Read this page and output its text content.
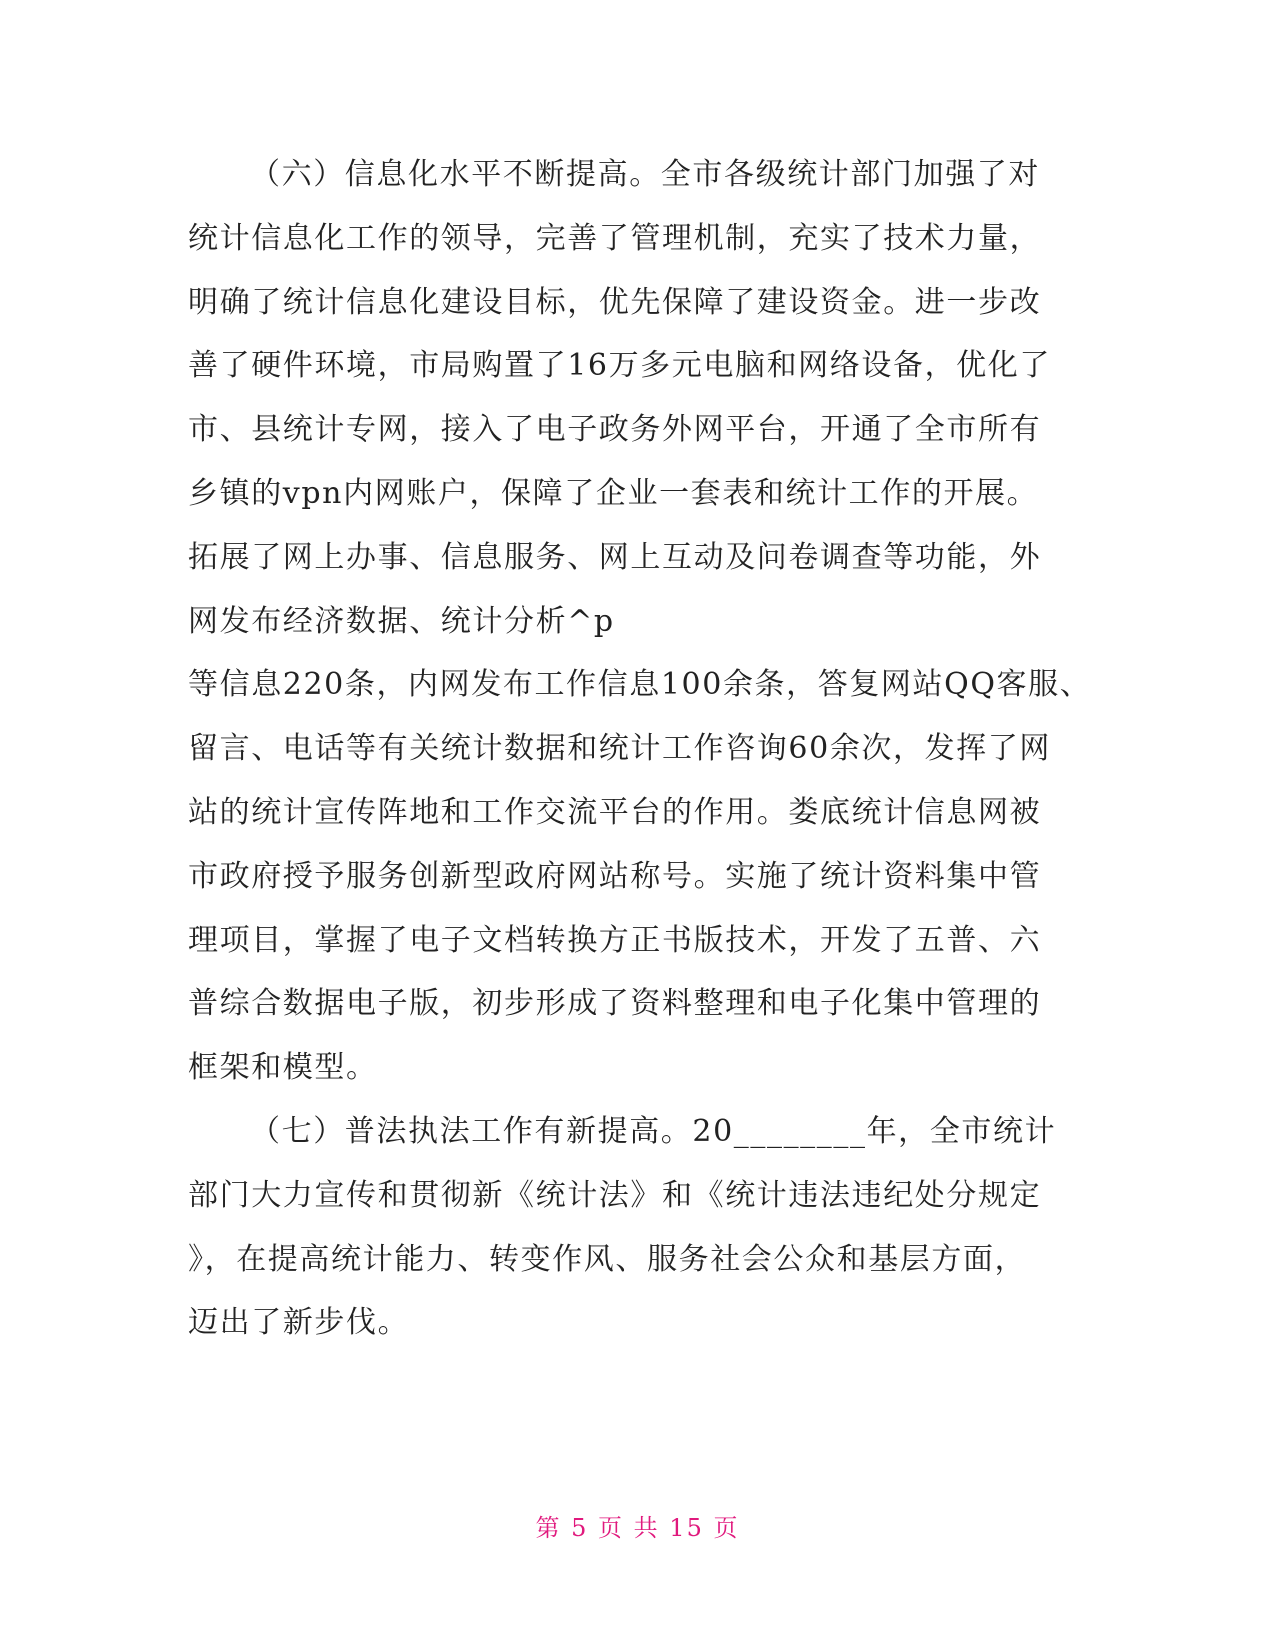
（六）信息化水平不断提高。全市各级统计部门加强了对
统计信息化工作的领导，完善了管理机制，充实了技术力量，
明确了统计信息化建设目标，优先保障了建设资金。进一步改
善了硬件环境，市局购置了16万多元电脑和网络设备，优化了
市、县统计专网，接入了电子政务外网平台，开通了全市所有
乡镇的vpn内网账户，保障了企业一套表和统计工作的开展。
拓展了网上办事、信息服务、网上互动及问卷调查等功能，外
网发布经济数据、统计分析^p
等信息220条，内网发布工作信息100余条，答复网站QQ客服、
留言、电话等有关统计数据和统计工作咨询60余次，发挥了网
站的统计宣传阵地和工作交流平台的作用。娄底统计信息网被
市政府授予服务创新型政府网站称号。实施了统计资料集中管
理项目，掌握了电子文档转换方正书版技术，开发了五普、六
普综合数据电子版，初步形成了资料整理和电子化集中管理的
框架和模型。
（七）普法执法工作有新提高。20________年，全市统计
部门大力宣传和贯彻新《统计法》和《统计违法违纪处分规定
》，在提高统计能力、转变作风、服务社会公众和基层方面，
迈出了新步伐。
第 5 页 共 15 页
